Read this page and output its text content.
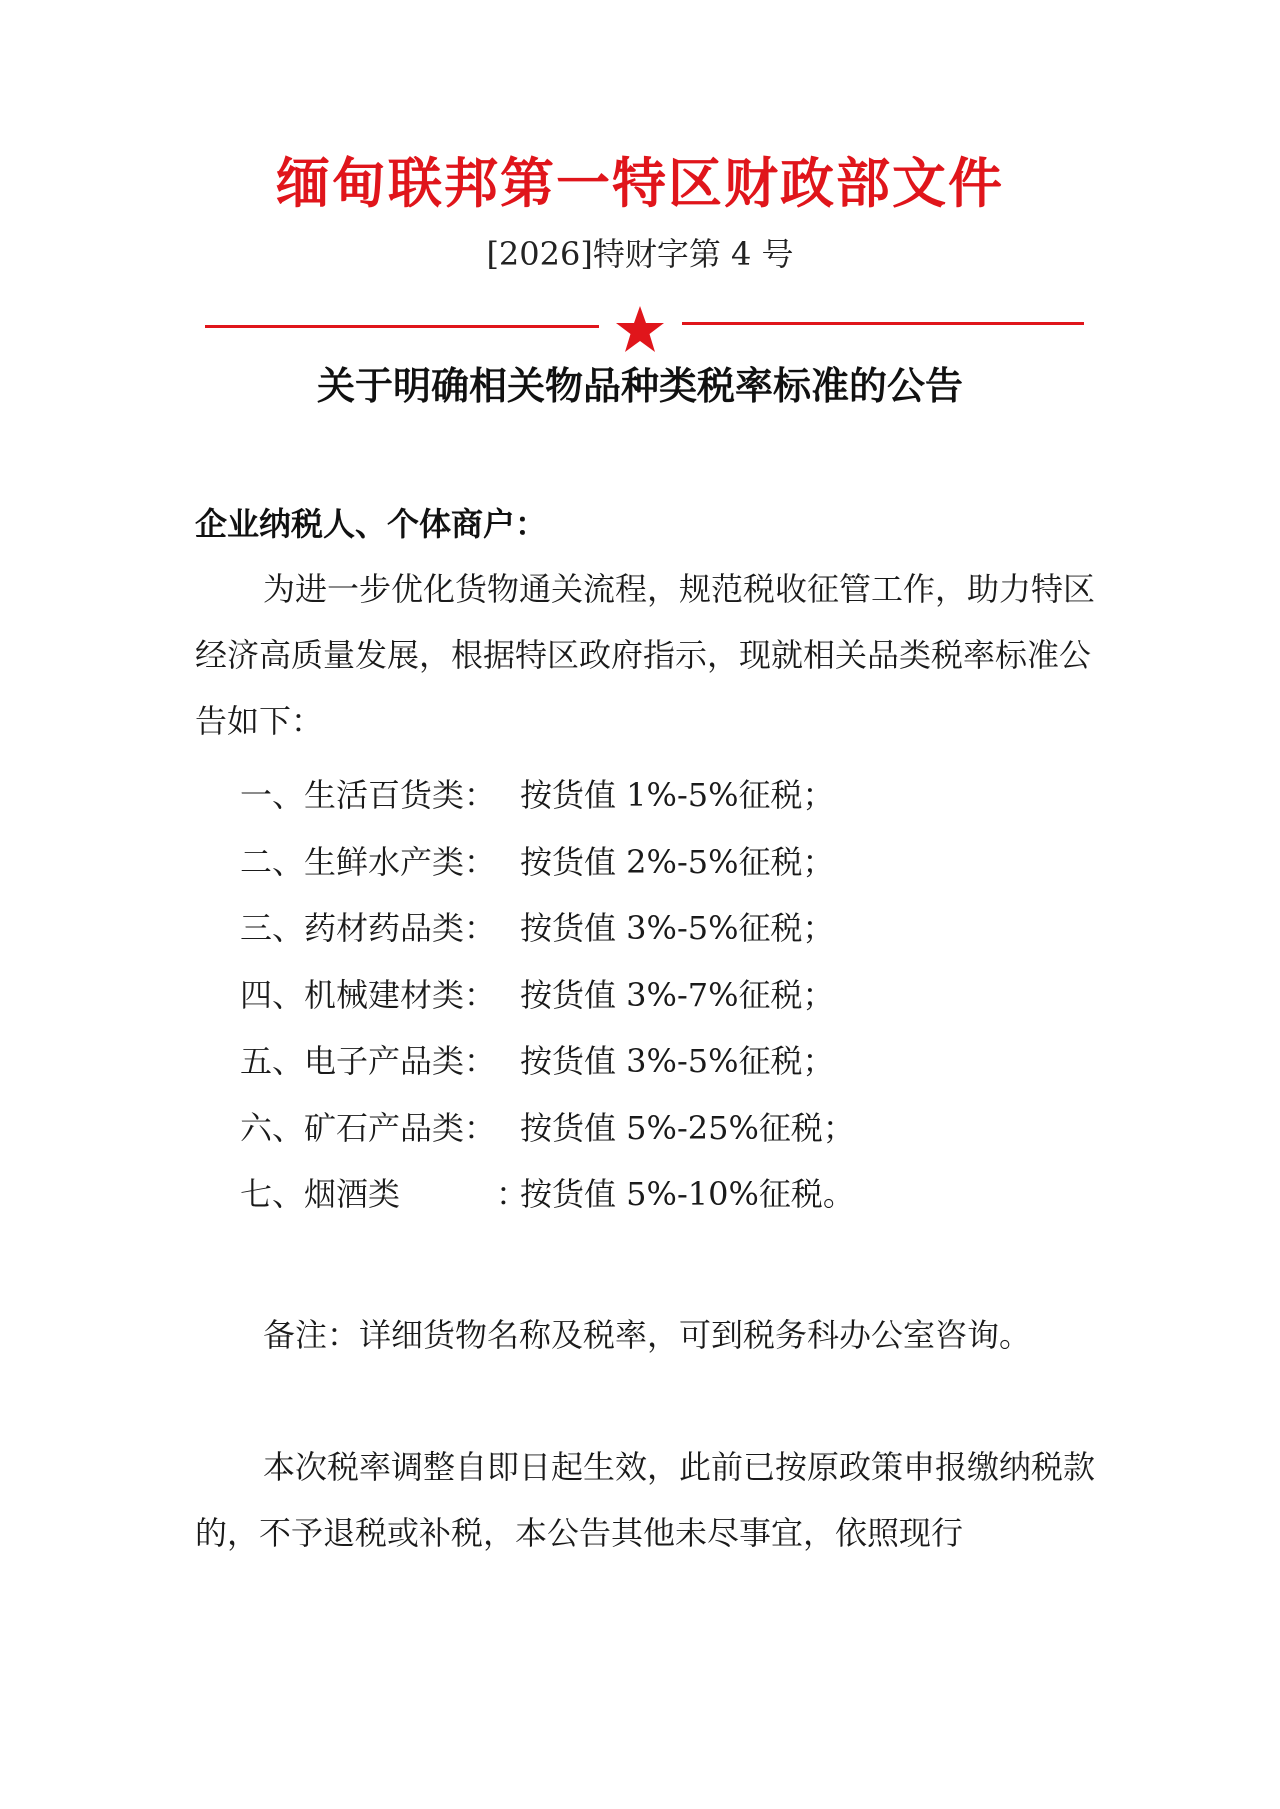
缅甸联邦第一特区财政部文件
[2026]特财字第 4 号
关于明确相关物品种类税率标准的公告
企业纳税人、个体商户：

为进一步优化货物通关流程，规范税收征管工作，助力特区经济高质量发展，根据特区政府指示，现就相关品类税率标准公告如下：

一、生活百货类： 按货值 1%-5%征税；
二、生鲜水产类： 按货值 2%-5%征税；
三、药材药品类： 按货值 3%-5%征税；
四、机械建材类： 按货值 3%-7%征税；
五、电子产品类： 按货值 3%-5%征税；
六、矿石产品类： 按货值 5%-25%征税；
七、烟酒类　　　：
按货值 5%-10%征税。

备注：详细货物名称及税率，可到税务科办公室咨询。

本次税率调整自即日起生效，此前已按原政策申报缴纳税款的，不予退税或补税，本公告其他未尽事宜，依照现行
